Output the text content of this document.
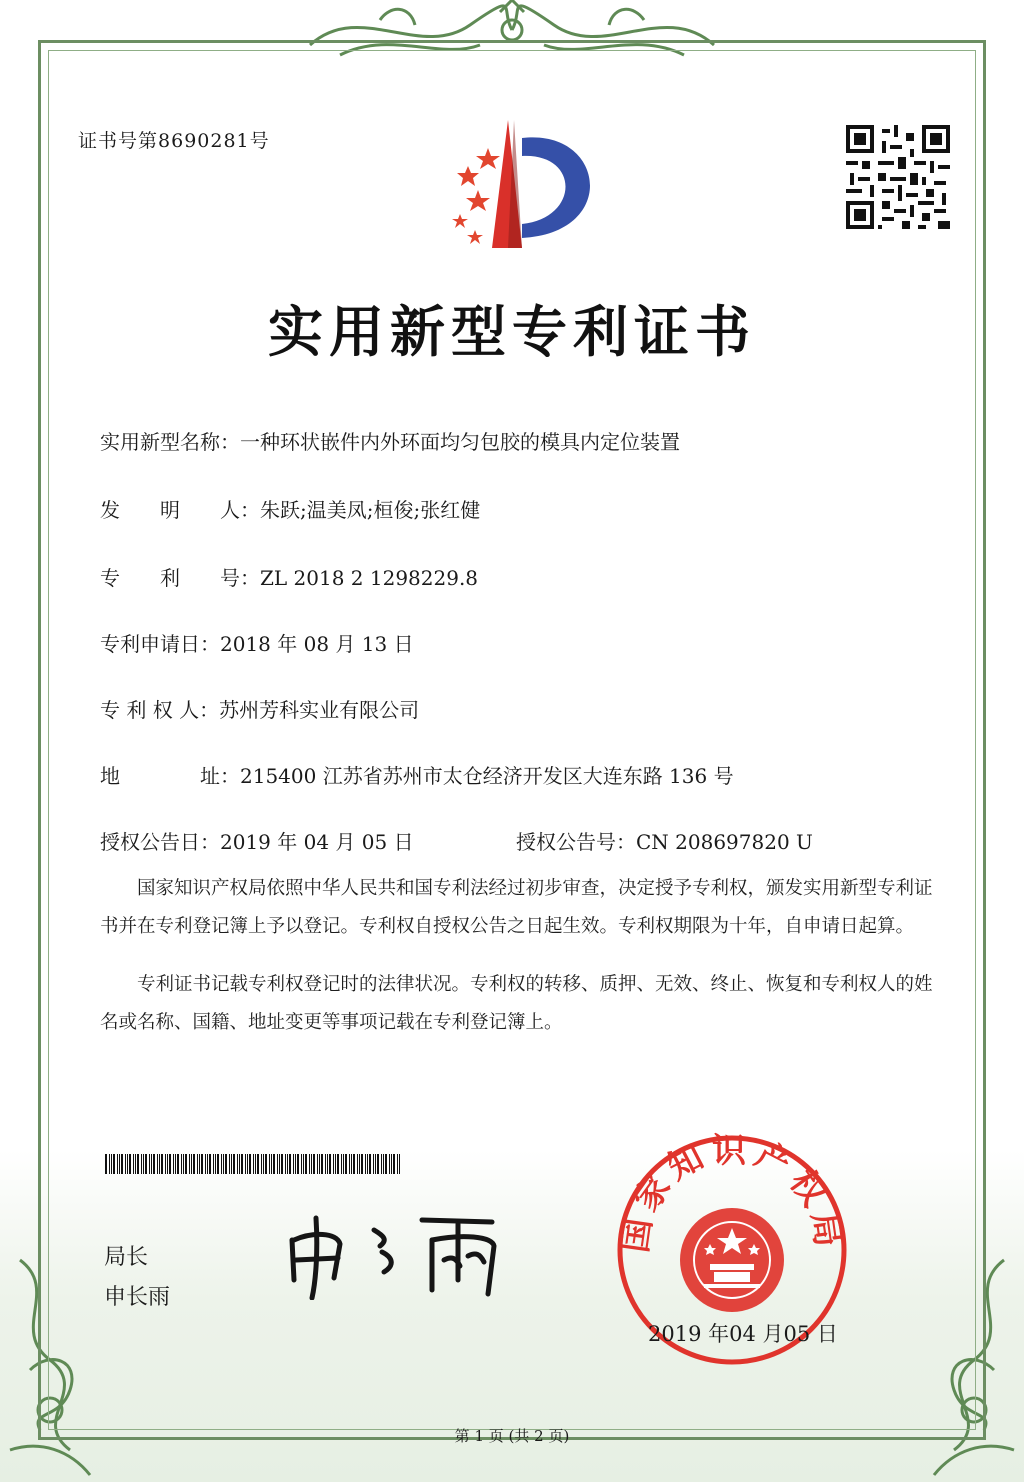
证书号第8690281号
实用新型专利证书
实用新型名称：一种环状嵌件内外环面均匀包胶的模具内定位装置
发　　明　　人：朱跃;温美凤;桓俊;张红健
专　　利　　号：ZL 2018 2 1298229.8
专利申请日：2018 年 08 月 13 日
专 利 权 人：苏州芳科实业有限公司
地	址：215400 江苏省苏州市太仓经济开发区大连东路 136 号
授权公告日：2019 年 04 月 05 日	授权公告号：CN 208697820 U
国家知识产权局依照中华人民共和国专利法经过初步审查，决定授予专利权，颁发实用新型专利证书并在专利登记簿上予以登记。专利权自授权公告之日起生效。专利权期限为十年，自申请日起算。
专利证书记载专利权登记时的法律状况。专利权的转移、质押、无效、终止、恢复和专利权人的姓名或名称、国籍、地址变更等事项记载在专利登记簿上。
局长
申长雨
国家知识产权局
2019 年04 月05 日
第 1 页 (共 2 页)
